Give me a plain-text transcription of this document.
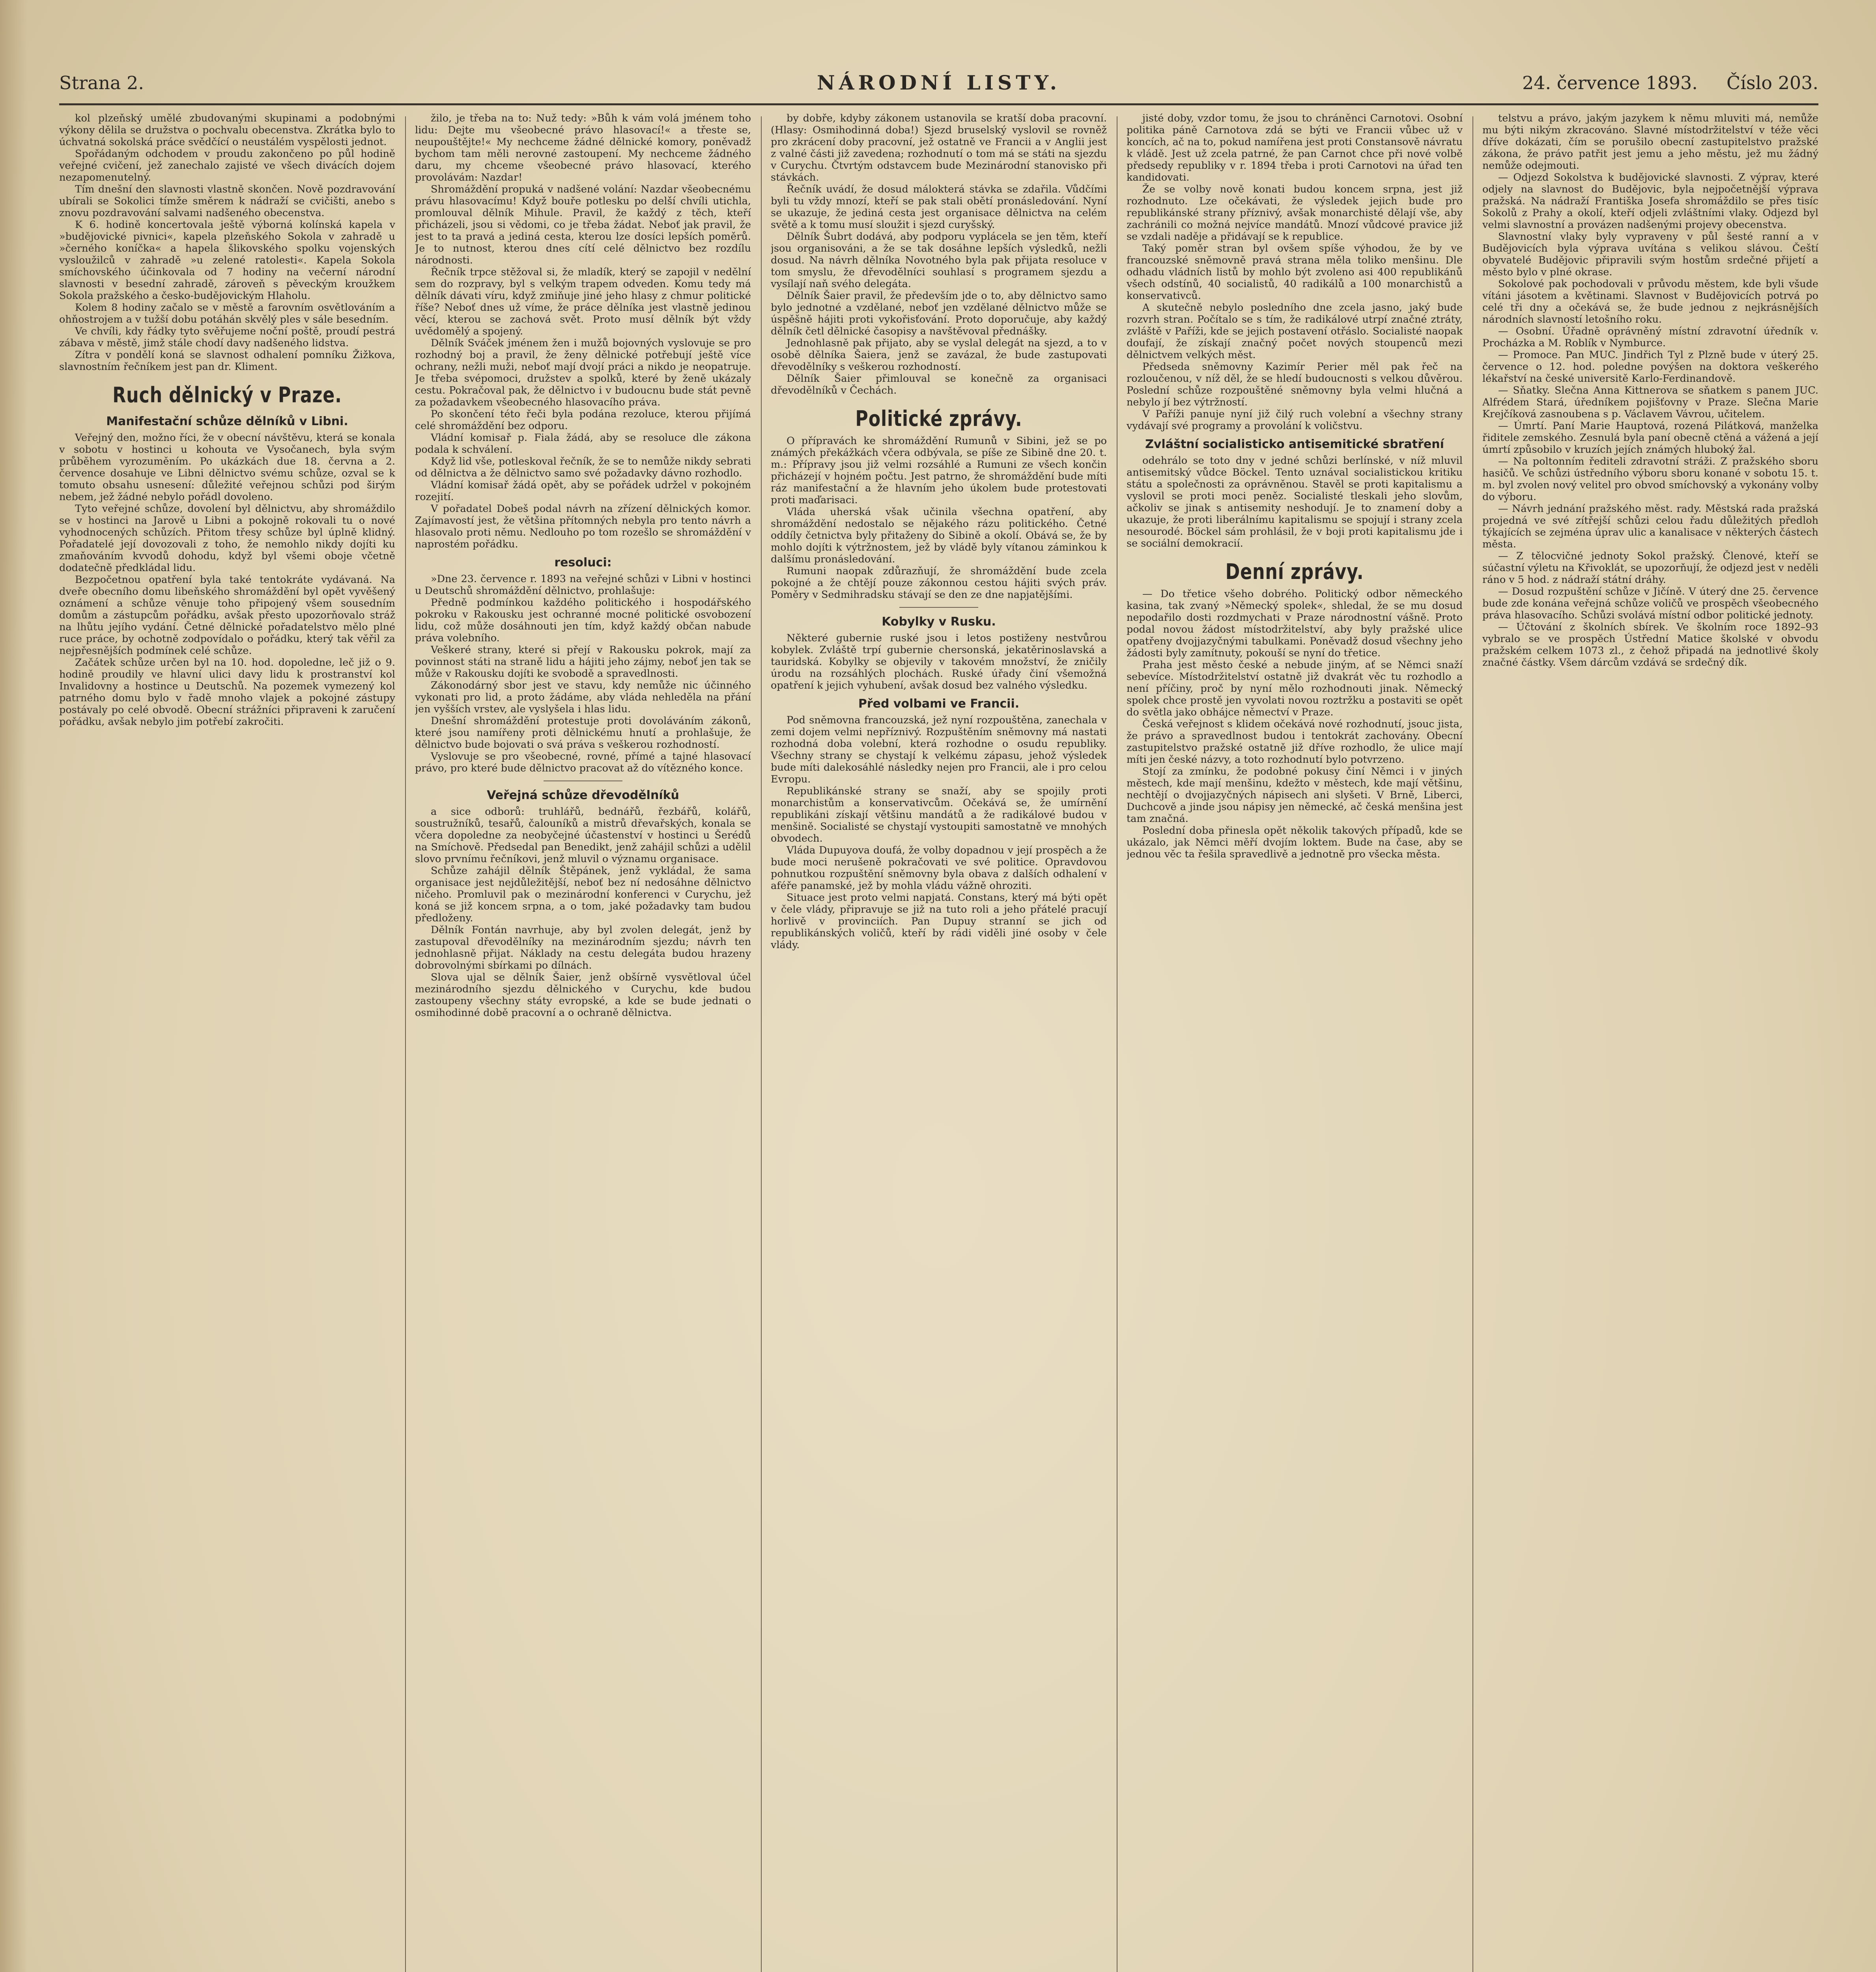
Strana 2.	NÁRODNÍ LISTY.	24. července 1893. Číslo 203.

kol plzeňský umělé zbudovanými skupinami a podobnými výkony dělila se družstva o pochvalu obecenstva. Zkrátka bylo to úchvatná sokolská práce svědčící o neustálém vyspělosti jednot.

Spořádaným odchodem v proudu zakončeno po půl hodině veřejné cvičení, jež zanechalo zajisté ve všech divácích dojem nezapomenutelný.

Tím dnešní den slavnosti vlastně skončen. Nově pozdravování ubírali se Sokolici tímže směrem k nádraží se cvičišti, anebo s znovu pozdravování salvami nadšeného obecenstva.

K 6. hodině koncertovala ještě výborná kolínská kapela v »budějovické pivnici«, kapela plzeňského Sokola v zahradě u »černého koníčka« a hapela šlikovského spolku vojenských vysloužilců v zahradě »u zelené ratolesti«. Kapela Sokola smíchovského účinkovala od 7 hodiny na večerní národní slavnosti v besední zahradě, zároveň s pěveckým kroužkem Sokola pražského a česko-budějovickým Hlaholu.

Kolem 8 hodiny začalo se v městě a farovním osvětlováním a ohňostrojem a v tužší dobu potáhán skvělý ples v sále besedním.

Ve chvíli, kdy řádky tyto svěřujeme noční poště, proudí pestrá zábava v městě, jimž stále chodí davy nadšeného lidstva.

Zítra v pondělí koná se slavnost odhalení pomníku Žižkova, slavnostním řečníkem jest pan dr. Kliment.

Ruch dělnický v Praze.
Manifestační schůze dělníků v Libni.

Veřejný den, možno říci, že v obecní návštěvu, která se konala v sobotu v hostinci u kohouta ve Vysočanech, byla svým průběhem vyrozuměním. Po ukázkách due 18. června a 2. července dosahuje ve Libni dělnictvo svému schůze, ozval se k tomuto obsahu usnesení: důležité veřejnou schůzi pod širým nebem, jež žádné nebylo pořádl dovoleno.

Tyto veřejné schůze, dovolení byl dělnictvu, aby shromáždilo se v hostinci na Jarově u Libni a pokojně rokovali tu o nové vyhodnocených schůzích. Přitom třesy schůze byl úplně klidný. Pořadatelé její dovozovali z toho, že nemohlo nikdy dojíti ku zmaňováním kvvodů dohodu, když byl všemi oboje včetně dodatečně předkládal lidu.

Bezpočetnou opatření byla také tentokráte vydávaná. Na dveře obecního domu libeňského shromáždění byl opět vyvěšený oznámení a schůze věnuje toho připojený všem sousedním domům a zástupcům pořádku, avšak přesto upozorňovalo stráž na lhůtu jejího vydání. Četné dělnické pořadatelstvo mělo plné ruce práce, by ochotně zodpovídalo o pořádku, který tak věřil za nejpřesnějších podmínek celé schůze.

Začátek schůze určen byl na 10. hod. dopoledne, leč již o 9. hodině proudily ve hlavní ulici davy lidu k prostranství kol Invalidovny a hostince u Deutschů. Na pozemek vymezený kol patrného domu bylo v řadě mnoho vlajek a pokojné zástupy postávaly po celé obvodě. Obecní strážníci připraveni k zaručení pořádku, avšak nebylo jim potřebí zakročiti.

žilo, je třeba na to: Nuž tedy: »Bůh k vám volá jménem toho lidu: Dejte mu všeobecné právo hlasovací!« a třeste se, neupouštějte!« My nechceme žádné dělnické komory, poněvadž bychom tam měli nerovné zastoupení. My nechceme žádného daru, my chceme všeobecné právo hlasovací, kterého provolávám: Nazdar!

Shromáždění propuká v nadšené volání: Nazdar všeobecnému právu hlasovacímu! Když bouře potlesku po delší chvíli utichla, promlouval dělník Mihule. Pravil, že každý z těch, kteří přicházeli, jsou si vědomi, co je třeba žádat. Neboť jak pravil, že jest to ta pravá a jediná cesta, kterou lze dosíci lepších poměrů. Je to nutnost, kterou dnes cítí celé dělnictvo bez rozdílu národnosti.

Řečník trpce stěžoval si, že mladík, který se zapojil v nedělní sem do rozpravy, byl s velkým trapem odveden. Komu tedy má dělník dávati víru, když zmiňuje jiné jeho hlasy z chmur politické říše? Neboť dnes už víme, že práce dělníka jest vlastně jedinou věcí, kterou se zachová svět. Proto musí dělník být vždy uvědomělý a spojený.

Dělník Sváček jménem žen i mužů bojovných vyslovuje se pro rozhodný boj a pravil, že ženy dělnické potřebují ještě více ochrany, nežli muži, neboť mají dvojí práci a nikdo je neopatruje. Je třeba svépomoci, družstev a spolků, které by ženě ukázaly cestu. Pokračoval pak, že dělnictvo i v budoucnu bude stát pevně za požadavkem všeobecného hlasovacího práva.

Po skončení této řeči byla podána rezoluce, kterou přijímá celé shromáždění bez odporu.

Vládní komisař p. Fiala žádá, aby se resoluce dle zákona podala k schválení.

Když lid vše, potleskoval řečník, že se to nemůže nikdy sebrati od dělnictva a že dělnictvo samo své požadavky dávno rozhodlo.

Vládní komisař žádá opět, aby se pořádek udržel v pokojném rozejití.

V pořadatel Dobeš podal návrh na zřízení dělnických komor. Zajímavostí jest, že většina přítomných nebyla pro tento návrh a hlasovalo proti němu. Nedlouho po tom rozešlo se shromáždění v naprostém pořádku.

resoluci:

»Dne 23. července r. 1893 na veřejné schůzi v Libni v hostinci u Deutschů shromáždění dělnictvo, prohlašuje:

Předně podmínkou každého politického i hospodářského pokroku v Rakousku jest ochranné mocné politické osvobození lidu, což může dosáhnouti jen tím, když každý občan nabude práva volebního.

Veškeré strany, které si přejí v Rakousku pokrok, mají za povinnost státi na straně lidu a hájiti jeho zájmy, neboť jen tak se může v Rakousku dojíti ke svobodě a spravedlnosti.

Zákonodárný sbor jest ve stavu, kdy nemůže nic účinného vykonati pro lid, a proto žádáme, aby vláda nehleděla na přání jen vyšších vrstev, ale vyslyšela i hlas lidu.

Dnešní shromáždění protestuje proti dovoláváním zákonů, které jsou namířeny proti dělnickému hnutí a prohlašuje, že dělnictvo bude bojovati o svá práva s veškerou rozhodností.

Vyslovuje se pro všeobecné, rovné, přímé a tajné hlasovací právo, pro které bude dělnictvo pracovat až do vítězného konce.

Veřejná schůze dřevodělníků

a sice odborů: truhlářů, bednářů, řezbářů, kolářů, soustružníků, tesařů, čalouníků a mistrů dřevařských, konala se včera dopoledne za neobyčejné účastenství v hostinci u Šerédů na Smíchově. Předsedal pan Benedikt, jenž zahájil schůzi a udělil slovo prvnímu řečníkovi, jenž mluvil o významu organisace.

Schůze zahájil dělník Štěpánek, jenž vykládal, že sama organisace jest nejdůležitější, neboť bez ní nedosáhne dělnictvo ničeho. Promluvil pak o mezinárodní konferenci v Curychu, jež koná se již koncem srpna, a o tom, jaké požadavky tam budou předloženy.

Dělník Fontán navrhuje, aby byl zvolen delegát, jenž by zastupoval dřevodělníky na mezinárodním sjezdu; návrh ten jednohlasně přijat. Náklady na cestu delegáta budou hrazeny dobrovolnými sbírkami po dílnách.

Slova ujal se dělník Šaier, jenž obšírně vysvětloval účel mezinárodního sjezdu dělnického v Curychu, kde budou zastoupeny všechny státy evropské, a kde se bude jednati o osmihodinné době pracovní a o ochraně dělnictva.

by dobře, kdyby zákonem ustanovila se kratší doba pracovní. (Hlasy: Osmihodinná doba!) Sjezd bruselský vyslovil se rovněž pro zkrácení doby pracovní, jež ostatně ve Francii a v Anglii jest z valné části již zavedena; rozhodnutí o tom má se státi na sjezdu v Curychu. Čtvrtým odstavcem bude Mezinárodní stanovisko při stávkách.

Řečník uvádí, že dosud málokterá stávka se zdařila. Vůdčími byli tu vždy mnozí, kteří se pak stali obětí pronásledování. Nyní se ukazuje, že jediná cesta jest organisace dělnictva na celém světě a k tomu musí sloužit i sjezd curyšský.

Dělník Šubrt dodává, aby podporu vyplácela se jen těm, kteří jsou organisováni, a že se tak dosáhne lepších výsledků, nežli dosud. Na návrh dělníka Novotného byla pak přijata resoluce v tom smyslu, že dřevodělníci souhlasí s programem sjezdu a vysílají naň svého delegáta.

Dělník Šaier pravil, že především jde o to, aby dělnictvo samo bylo jednotné a vzdělané, neboť jen vzdělané dělnictvo může se úspěšně hájiti proti vykořisťování. Proto doporučuje, aby každý dělník četl dělnické časopisy a navštěvoval přednášky.

Jednohlasně pak přijato, aby se vyslal delegát na sjezd, a to v osobě dělníka Šaiera, jenž se zavázal, že bude zastupovati dřevodělníky s veškerou rozhodností.

Dělník Šaier přimlouval se konečně za organisaci dřevodělníků v Čechách.

Politické zprávy.

O přípravách ke shromáždění Rumunů v Sibini, jež se po známých překážkách včera odbývala, se píše ze Sibině dne 20. t. m.: Přípravy jsou již velmi rozsáhlé a Rumuni ze všech končin přicházejí v hojném počtu. Jest patrno, že shromáždění bude míti ráz manifestační a že hlavním jeho úkolem bude protestovati proti maďarisaci.

Vláda uherská však učinila všechna opatření, aby shromáždění nedostalo se nějakého rázu politického. Četné oddíly četnictva byly přitaženy do Sibině a okolí. Obává se, že by mohlo dojíti k výtržnostem, jež by vládě byly vítanou záminkou k dalšímu pronásledování.

Rumuni naopak zdůrazňují, že shromáždění bude zcela pokojné a že chtějí pouze zákonnou cestou hájiti svých práv. Poměry v Sedmihradsku stávají se den ze dne napjatějšími.

Kobylky v Rusku.

Některé gubernie ruské jsou i letos postiženy nestvůrou kobylek. Zvláště trpí gubernie chersonská, jekatěrinoslavská a tauridská. Kobylky se objevily v takovém množství, že zničily úrodu na rozsáhlých plochách. Ruské úřady činí všemožná opatření k jejich vyhubení, avšak dosud bez valného výsledku.

Před volbami ve Francii.

Pod sněmovna francouzská, jež nyní rozpouštěna, zanechala v zemi dojem velmi nepříznivý. Rozpuštěním sněmovny má nastati rozhodná doba volební, která rozhodne o osudu republiky. Všechny strany se chystají k velkému zápasu, jehož výsledek bude míti dalekosáhlé následky nejen pro Francii, ale i pro celou Evropu.

Republikánské strany se snaží, aby se spojily proti monarchistům a konservativcům. Očekává se, že umírnění republikáni získají většinu mandátů a že radikálové budou v menšině. Socialisté se chystají vystoupiti samostatně ve mnohých obvodech.

Vláda Dupuyova doufá, že volby dopadnou v její prospěch a že bude moci nerušeně pokračovati ve své politice. Opravdovou pohnutkou rozpuštění sněmovny byla obava z dalších odhalení v aféře panamské, jež by mohla vládu vážně ohroziti.

Situace jest proto velmi napjatá. Constans, který má býti opět v čele vlády, připravuje se již na tuto roli a jeho přátelé pracují horlivě v provinciích. Pan Dupuy stranní se jich od republikánských voličů, kteří by rádi viděli jiné osoby v čele vlády.

jisté doby, vzdor tomu, že jsou to chráněnci Carnotovi. Osobní politika páně Carnotova zdá se býti ve Francii vůbec už v koncích, ač na to, pokud namířena jest proti Constansově návratu k vládě. Jest už zcela patrné, že pan Carnot chce při nové volbě předsedy republiky v r. 1894 třeba i proti Carnotovi na úřad ten kandidovati.

Že se volby nově konati budou koncem srpna, jest již rozhodnuto. Lze očekávati, že výsledek jejich bude pro republikánské strany příznivý, avšak monarchisté dělají vše, aby zachránili co možná nejvíce mandátů. Mnozí vůdcové pravice již se vzdali naděje a přidávají se k republice.

Taký poměr stran byl ovšem spíše výhodou, že by ve francouzské sněmovně pravá strana měla toliko menšinu. Dle odhadu vládních listů by mohlo být zvoleno asi 400 republikánů všech odstínů, 40 socialistů, 40 radikálů a 100 monarchistů a konservativců.

A skutečně nebylo posledního dne zcela jasno, jaký bude rozvrh stran. Počítalo se s tím, že radikálové utrpí značné ztráty, zvláště v Paříži, kde se jejich postavení otřáslo. Socialisté naopak doufají, že získají značný počet nových stoupenců mezi dělnictvem velkých měst.

Předseda sněmovny Kazimír Perier měl pak řeč na rozloučenou, v níž děl, že se hledí budoucnosti s velkou důvěrou. Poslední schůze rozpouštěné sněmovny byla velmi hlučná a nebylo jí bez výtržností.

V Paříži panuje nyní již čilý ruch volební a všechny strany vydávají své programy a provolání k voličstvu.

Zvláštní socialisticko antisemitické sbratření

odehrálo se toto dny v jedné schůzi berlínské, v níž mluvil antisemitský vůdce Böckel. Tento uznával socialistickou kritiku státu a společnosti za oprávněnou. Stavěl se proti kapitalismu a vyslovil se proti moci peněz. Socialisté tleskali jeho slovům, ačkoliv se jinak s antisemity neshodují. Je to znamení doby a ukazuje, že proti liberálnímu kapitalismu se spojují i strany zcela nesourodé. Böckel sám prohlásil, že v boji proti kapitalismu jde i se sociální demokracií.

Denní zprávy.

— Do třetice všeho dobrého. Politický odbor německého kasina, tak zvaný »Německý spolek«, shledal, že se mu dosud nepodařilo dosti rozdmychati v Praze národnostní vášně. Proto podal novou žádost místodržitelství, aby byly pražské ulice opatřeny dvojjazyčnými tabulkami. Poněvadž dosud všechny jeho žádosti byly zamítnuty, pokouší se nyní do třetice.

Praha jest město české a nebude jiným, ať se Němci snaží sebevíce. Místodržitelství ostatně již dvakrát věc tu rozhodlo a není příčiny, proč by nyní mělo rozhodnouti jinak. Německý spolek chce prostě jen vyvolati novou roztržku a postaviti se opět do světla jako obhájce němectví v Praze.

Česká veřejnost s klidem očekává nové rozhodnutí, jsouc jista, že právo a spravedlnost budou i tentokrát zachovány. Obecní zastupitelstvo pražské ostatně již dříve rozhodlo, že ulice mají míti jen české názvy, a toto rozhodnutí bylo potvrzeno.

Stojí za zmínku, že podobné pokusy činí Němci i v jiných městech, kde mají menšinu, kdežto v městech, kde mají většinu, nechtějí o dvojjazyčných nápisech ani slyšeti. V Brně, Liberci, Duchcově a jinde jsou nápisy jen německé, ač česká menšina jest tam značná.

Poslední doba přinesla opět několik takových případů, kde se ukázalo, jak Němci měří dvojím loktem. Bude na čase, aby se jednou věc ta řešila spravedlivě a jednotně pro všecka města.

telstvu a právo, jakým jazykem k němu mluviti má, nemůže mu býti nikým zkracováno. Slavné místodržitelství v téže věci dříve dokázati, čím se porušilo obecní zastupitelstvo pražské zákona, že právo patřit jest jemu a jeho městu, jež mu žádný nemůže odejmouti.

— Odjezd Sokolstva k budějovické slavnosti. Z výprav, které odjely na slavnost do Budějovic, byla nejpočetnější výprava pražská. Na nádraží Františka Josefa shromáždilo se přes tisíc Sokolů z Prahy a okolí, kteří odjeli zvláštními vlaky. Odjezd byl velmi slavnostní a provázen nadšenými projevy obecenstva.

Slavnostní vlaky byly vypraveny v půl šesté ranní a v Budějovicích byla výprava uvítána s velikou slávou. Čeští obyvatelé Budějovic připravili svým hostům srdečné přijetí a město bylo v plné okrase.

Sokolové pak pochodovali v průvodu městem, kde byli všude vítáni jásotem a květinami. Slavnost v Budějovicích potrvá po celé tři dny a očekává se, že bude jednou z nejkrásnějších národních slavností letošního roku.

— Osobní. Úřadně oprávněný místní zdravotní úředník v. Procházka a M. Roblík v Nymburce.

— Promoce. Pan MUC. Jindřich Tyl z Plzně bude v úterý 25. července o 12. hod. poledne povýšen na doktora veškerého lékařství na české universitě Karlo-Ferdinandově.

— Sňatky. Slečna Anna Kittnerova se sňatkem s panem JUC. Alfrédem Stará, úředníkem pojišťovny v Praze. Slečna Marie Krejčíková zasnoubena s p. Václavem Vávrou, učitelem.

— Úmrtí. Paní Marie Hauptová, rozená Pilátková, manželka řiditele zemského. Zesnulá byla paní obecně ctěná a vážená a její úmrtí způsobilo v kruzích jejích známých hluboký žal.

— Na poltonním řediteli zdravotní stráži. Z pražského sboru hasičů. Ve schůzi ústředního výboru sboru konané v sobotu 15. t. m. byl zvolen nový velitel pro obvod smíchovský a vykonány volby do výboru.

— Návrh jednání pražského měst. rady. Městská rada pražská projedná ve své zítřejší schůzi celou řadu důležitých předloh týkajících se zejména úprav ulic a kanalisace v některých částech města.

— Z tělocvičné jednoty Sokol pražský. Členové, kteří se súčastní výletu na Křivoklát, se upozorňují, že odjezd jest v neděli ráno v 5 hod. z nádraží státní dráhy.

— Dosud rozpuštění schůze v Jičíně. V úterý dne 25. července bude zde konána veřejná schůze voličů ve prospěch všeobecného práva hlasovacího. Schůzi svolává místní odbor politické jednoty.

— Účtování z školních sbírek. Ve školním roce 1892–93 vybralo se ve prospěch Ústřední Matice školské v obvodu pražském celkem 1073 zl., z čehož připadá na jednotlivé školy značné částky. Všem dárcům vzdává se srdečný dík.
